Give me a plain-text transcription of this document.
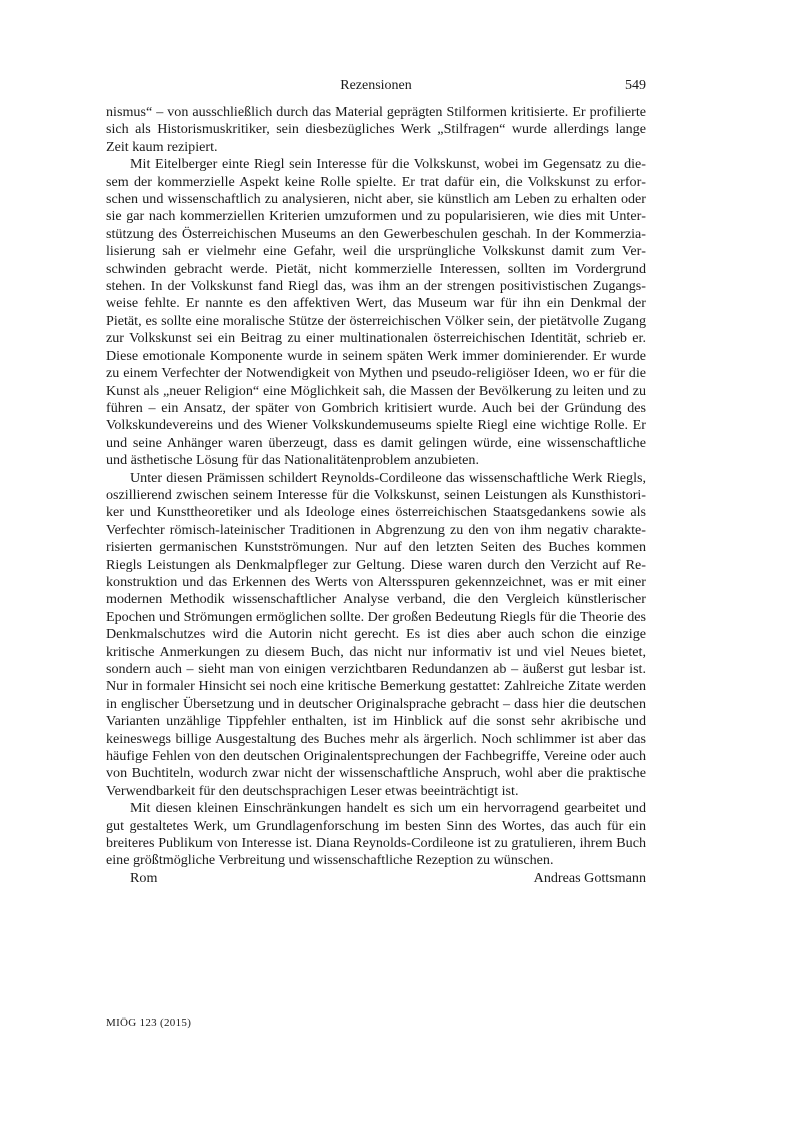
Rezensionen	549

nismus“ – von ausschließlich durch das Material geprägten Stilformen kritisierte. Er profilierte sich als Historismuskritiker, sein diesbezügliches Werk „Stilfragen“ wurde allerdings lange Zeit kaum rezipiert.

Mit Eitelberger einte Riegl sein Interesse für die Volkskunst, wobei im Gegensatz zu diesem der kommerzielle Aspekt keine Rolle spielte. Er trat dafür ein, die Volkskunst zu erforschen und wissenschaftlich zu analysieren, nicht aber, sie künstlich am Leben zu erhalten oder sie gar nach kommerziellen Kriterien umzuformen und zu popularisieren, wie dies mit Unterstützung des Österreichischen Museums an den Gewerbeschulen geschah. In der Kommerzialisierung sah er vielmehr eine Gefahr, weil die ursprüngliche Volkskunst damit zum Verschwinden gebracht werde. Pietät, nicht kommerzielle Interessen, sollten im Vordergrund stehen. In der Volkskunst fand Riegl das, was ihm an der strengen positivistischen Zugangsweise fehlte. Er nannte es den affektiven Wert, das Museum war für ihn ein Denkmal der Pietät, es sollte eine moralische Stütze der österreichischen Völker sein, der pietätvolle Zugang zur Volkskunst sei ein Beitrag zu einer multinationalen österreichischen Identität, schrieb er. Diese emotionale Komponente wurde in seinem späten Werk immer dominierender. Er wurde zu einem Verfechter der Notwendigkeit von Mythen und pseudo-religiöser Ideen, wo er für die Kunst als „neuer Religion“ eine Möglichkeit sah, die Massen der Bevölkerung zu leiten und zu führen – ein Ansatz, der später von Gombrich kritisiert wurde. Auch bei der Gründung des Volkskundevereins und des Wiener Volkskundemuseums spielte Riegl eine wichtige Rolle. Er und seine Anhänger waren überzeugt, dass es damit gelingen würde, eine wissenschaftliche und ästhetische Lösung für das Nationalitätenproblem anzubieten.

Unter diesen Prämissen schildert Reynolds-Cordileone das wissenschaftliche Werk Riegls, oszillierend zwischen seinem Interesse für die Volkskunst, seinen Leistungen als Kunsthistoriker und Kunsttheoretiker und als Ideologe eines österreichischen Staatsgedankens sowie als Verfechter römisch-lateinischer Traditionen in Abgrenzung zu den von ihm negativ charakterisierten germanischen Kunstströmungen. Nur auf den letzten Seiten des Buches kommen Riegls Leistungen als Denkmalpfleger zur Geltung. Diese waren durch den Verzicht auf Rekonstruktion und das Erkennen des Werts von Altersspuren gekennzeichnet, was er mit einer modernen Methodik wissenschaftlicher Analyse verband, die den Vergleich künstlerischer Epochen und Strömungen ermöglichen sollte. Der großen Bedeutung Riegls für die Theorie des Denkmalschutzes wird die Autorin nicht gerecht. Es ist dies aber auch schon die einzige kritische Anmerkungen zu diesem Buch, das nicht nur informativ ist und viel Neues bietet, sondern auch – sieht man von einigen verzichtbaren Redundanzen ab – äußerst gut lesbar ist. Nur in formaler Hinsicht sei noch eine kritische Bemerkung gestattet: Zahlreiche Zitate werden in englischer Übersetzung und in deutscher Originalsprache gebracht – dass hier die deutschen Varianten unzählige Tippfehler enthalten, ist im Hinblick auf die sonst sehr akribische und keineswegs billige Ausgestaltung des Buches mehr als ärgerlich. Noch schlimmer ist aber das häufige Fehlen von den deutschen Originalentsprechungen der Fachbegriffe, Vereine oder auch von Buchtiteln, wodurch zwar nicht der wissenschaftliche Anspruch, wohl aber die praktische Verwendbarkeit für den deutschsprachigen Leser etwas beeinträchtigt ist.

Mit diesen kleinen Einschränkungen handelt es sich um ein hervorragend gearbeitet und gut gestaltetes Werk, um Grundlagenforschung im besten Sinn des Wortes, das auch für ein breiteres Publikum von Interesse ist. Diana Reynolds-Cordileone ist zu gratulieren, ihrem Buch eine größtmögliche Verbreitung und wissenschaftliche Rezeption zu wünschen.

Rom	Andreas Gottsmann
MIÖG 123 (2015)
